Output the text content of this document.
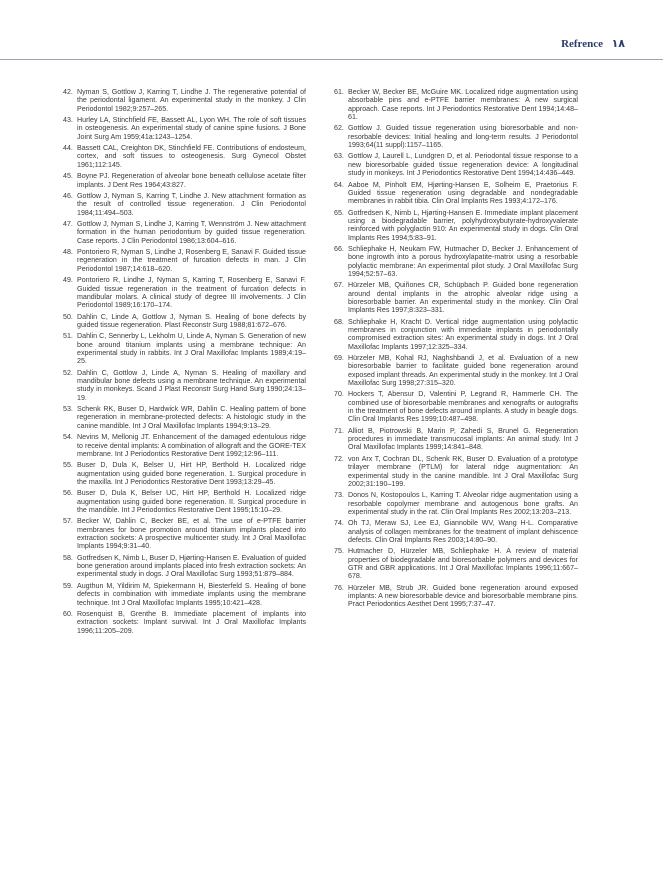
Refrence ١٨
42. Nyman S, Gottlow J, Karring T, Lindhe J. The regenerative potential of the periodontal ligament. An experimental study in the monkey. J Clin Periodontol 1982;9:257–265.
43. Hurley LA, Stinchfield FE, Bassett AL, Lyon WH. The role of soft tissues in osteogenesis. An experimental study of canine spine fusions. J Bone Joint Surg Am 1959;41a:1243–1254.
44. Bassett CAL, Creighton DK, Stinchfield FE. Contributions of endosteum, cortex, and soft tissues to osteogenesis. Surg Gynecol Obstet 1961;112:145.
45. Boyne PJ. Regeneration of alveolar bone beneath cellulose acetate filter implants. J Dent Res 1964;43:827.
46. Gottlow J, Nyman S, Karring T, Lindhe J. New attachment formation as the result of controlled tissue regeneration. J Clin Periodontol 1984;11:494–503.
47. Gottlow J, Nyman S, Lindhe J, Karring T, Wennström J. New attachment formation in the human periodontium by guided tissue regeneration. Case reports. J Clin Periodontol 1986;13:604–616.
48. Pontoriero R, Nyman S, Lindhe J, Rosenberg E, Sanavi F. Guided tissue regeneration in the treatment of furcation defects in man. J Clin Periodontol 1987;14:618–620.
49. Pontoriero R, Lindhe J, Nyman S, Karring T, Rosenberg E, Sanavi F. Guided tissue regeneration in the treatment of furcation defects in mandibular molars. A clinical study of degree III involvements. J Clin Periodontol 1989;16:170–174.
50. Dahlin C, Linde A, Gottlow J, Nyman S. Healing of bone defects by guided tissue regeneration. Plast Reconstr Surg 1988;81:672–676.
51. Dahlin C, Sennerby L, Lekholm U, Linde A, Nyman S. Generation of new bone around titanium implants using a membrane technique: An experimental study in rabbits. Int J Oral Maxillofac Implants 1989;4:19–25.
52. Dahlin C, Gottlow J, Linde A, Nyman S. Healing of maxillary and mandibular bone defects using a membrane technique. An experimental study in monkeys. Scand J Plast Reconstr Surg Hand Surg 1990;24:13–19.
53. Schenk RK, Buser D, Hardwick WR, Dahlin C. Healing pattern of bone regeneration in membrane-protected defects: A histologic study in the canine mandible. Int J Oral Maxillofac Implants 1994;9:13–29.
54. Nevins M, Mellonig JT. Enhancement of the damaged edentulous ridge to receive dental implants: A combination of allograft and the GORE-TEX membrane. Int J Periodontics Restorative Dent 1992;12:96–111.
55. Buser D, Dula K, Belser U, Hirt HP, Berthold H. Localized ridge augmentation using guided bone regeneration. 1. Surgical procedure in the maxilla. Int J Periodontics Restorative Dent 1993;13:29–45.
56. Buser D, Dula K, Belser UC, Hirt HP, Berthold H. Localized ridge augmentation using guided bone regeneration. II. Surgical procedure in the mandible. Int J Periodontics Restorative Dent 1995;15:10–29.
57. Becker W, Dahlin C, Becker BE, et al. The use of e-PTFE barrier membranes for bone promotion around titanium implants placed into extraction sockets: A prospective multicenter study. Int J Oral Maxillofac Implants 1994;9:31–40.
58. Gotfredsen K, Nimb L, Buser D, Hjørting-Hansen E. Evaluation of guided bone generation around implants placed into fresh extraction sockets: An experimental study in dogs. J Oral Maxillofac Surg 1993;51:879–884.
59. Augthun M, Yildirim M, Spiekermann H, Biesterfeld S. Healing of bone defects in combination with immediate implants using the membrane technique. Int J Oral Maxillofac Implants 1995;10:421–428.
60. Rosenquist B, Grenthe B. Immediate placement of implants into extraction sockets: Implant survival. Int J Oral Maxillofac Implants 1996;11:205–209.
61. Becker W, Becker BE, McGuire MK. Localized ridge augmentation using absorbable pins and e-PTFE barrier membranes: A new surgical approach. Case reports. Int J Periodontics Restorative Dent 1994;14:48–61.
62. Gottlow J. Guided tissue regeneration using bioresorbable and non-resorbable devices: Initial healing and long-term results. J Periodontol 1993;64(11 suppl):1157–1165.
63. Gottlow J, Laurell L, Lundgren D, et al. Periodontal tissue response to a new bioresorbable guided tissue regeneration device: A longitudinal study in monkeys. Int J Periodontics Restorative Dent 1994;14:436–449.
64. Aaboe M, Pinholt EM, Hjørting-Hansen E, Solheim E, Praetorius F. Guided tissue regeneration using degradable and nondegradable membranes in rabbit tibia. Clin Oral Implants Res 1993;4:172–176.
65. Gotfredsen K, Nimb L, Hjørting-Hansen E. Immediate implant placement using a biodegradable barrier, polyhydroxybutyrate-hydroxyvalerate reinforced with polyglactin 910: An experimental study in dogs. Clin Oral Implants Res 1994;5:83–91.
66. Schliephake H, Neukam FW, Hutmacher D, Becker J. Enhancement of bone ingrowth into a porous hydroxylapatite-matrix using a resorbable polylactic membrane: An experimental pilot study. J Oral Maxillofac Surg 1994;52:57–63.
67. Hürzeler MB, Quiñones CR, Schüpbach P. Guided bone regeneration around dental implants in the atrophic alveolar ridge using a bioresorbable barrier. An experimental study in the monkey. Clin Oral Implants Res 1997;8:323–331.
68. Schliephake H, Kracht D. Vertical ridge augmentation using polylactic membranes in conjunction with immediate implants in periodontally compromised extraction sites: An experimental study in dogs. Int J Oral Maxillofac Implants 1997;12:325–334.
69. Hürzeler MB, Kohal RJ, Naghshbandi J, et al. Evaluation of a new bioresorbable barrier to facilitate guided bone regeneration around exposed implant threads. An experimental study in the monkey. Int J Oral Maxillofac Surg 1998;27:315–320.
70. Hockers T, Abensur D, Valentini P, Legrand R, Hammerle CH. The combined use of bioresorbable membranes and xenografts or autografts in the treatment of bone defects around implants. A study in beagle dogs. Clin Oral Implants Res 1999;10:487–498.
71. Alliot B, Piotrowski B, Marin P, Zahedi S, Brunel G. Regeneration procedures in immediate transmucosal implants: An animal study. Int J Oral Maxillofac Implants 1999;14:841–848.
72. von Arx T, Cochran DL, Schenk RK, Buser D. Evaluation of a prototype trilayer membrane (PTLM) for lateral ridge augmentation: An experimental study in the canine mandible. Int J Oral Maxillofac Surg 2002;31:190–199.
73. Donos N, Kostopoulos L, Karring T. Alveolar ridge augmentation using a resorbable copolymer membrane and autogenous bone grafts. An experimental study in the rat. Clin Oral Implants Res 2002;13:203–213.
74. Oh TJ, Meraw SJ, Lee EJ, Giannobile WV, Wang H-L. Comparative analysis of collagen membranes for the treatment of implant dehiscence defects. Clin Oral Implants Res 2003;14:80–90.
75. Hutmacher D, Hürzeler MB, Schliephake H. A review of material properties of biodegradable and bioresorbable polymers and devices for GTR and GBR applications. Int J Oral Maxillofac Implants 1996;11:667–678.
76. Hürzeler MB, Strub JR. Guided bone regeneration around exposed implants: A new bioresorbable device and bioresorbable membrane pins. Pract Periodontics Aesthet Dent 1995;7:37–47.
